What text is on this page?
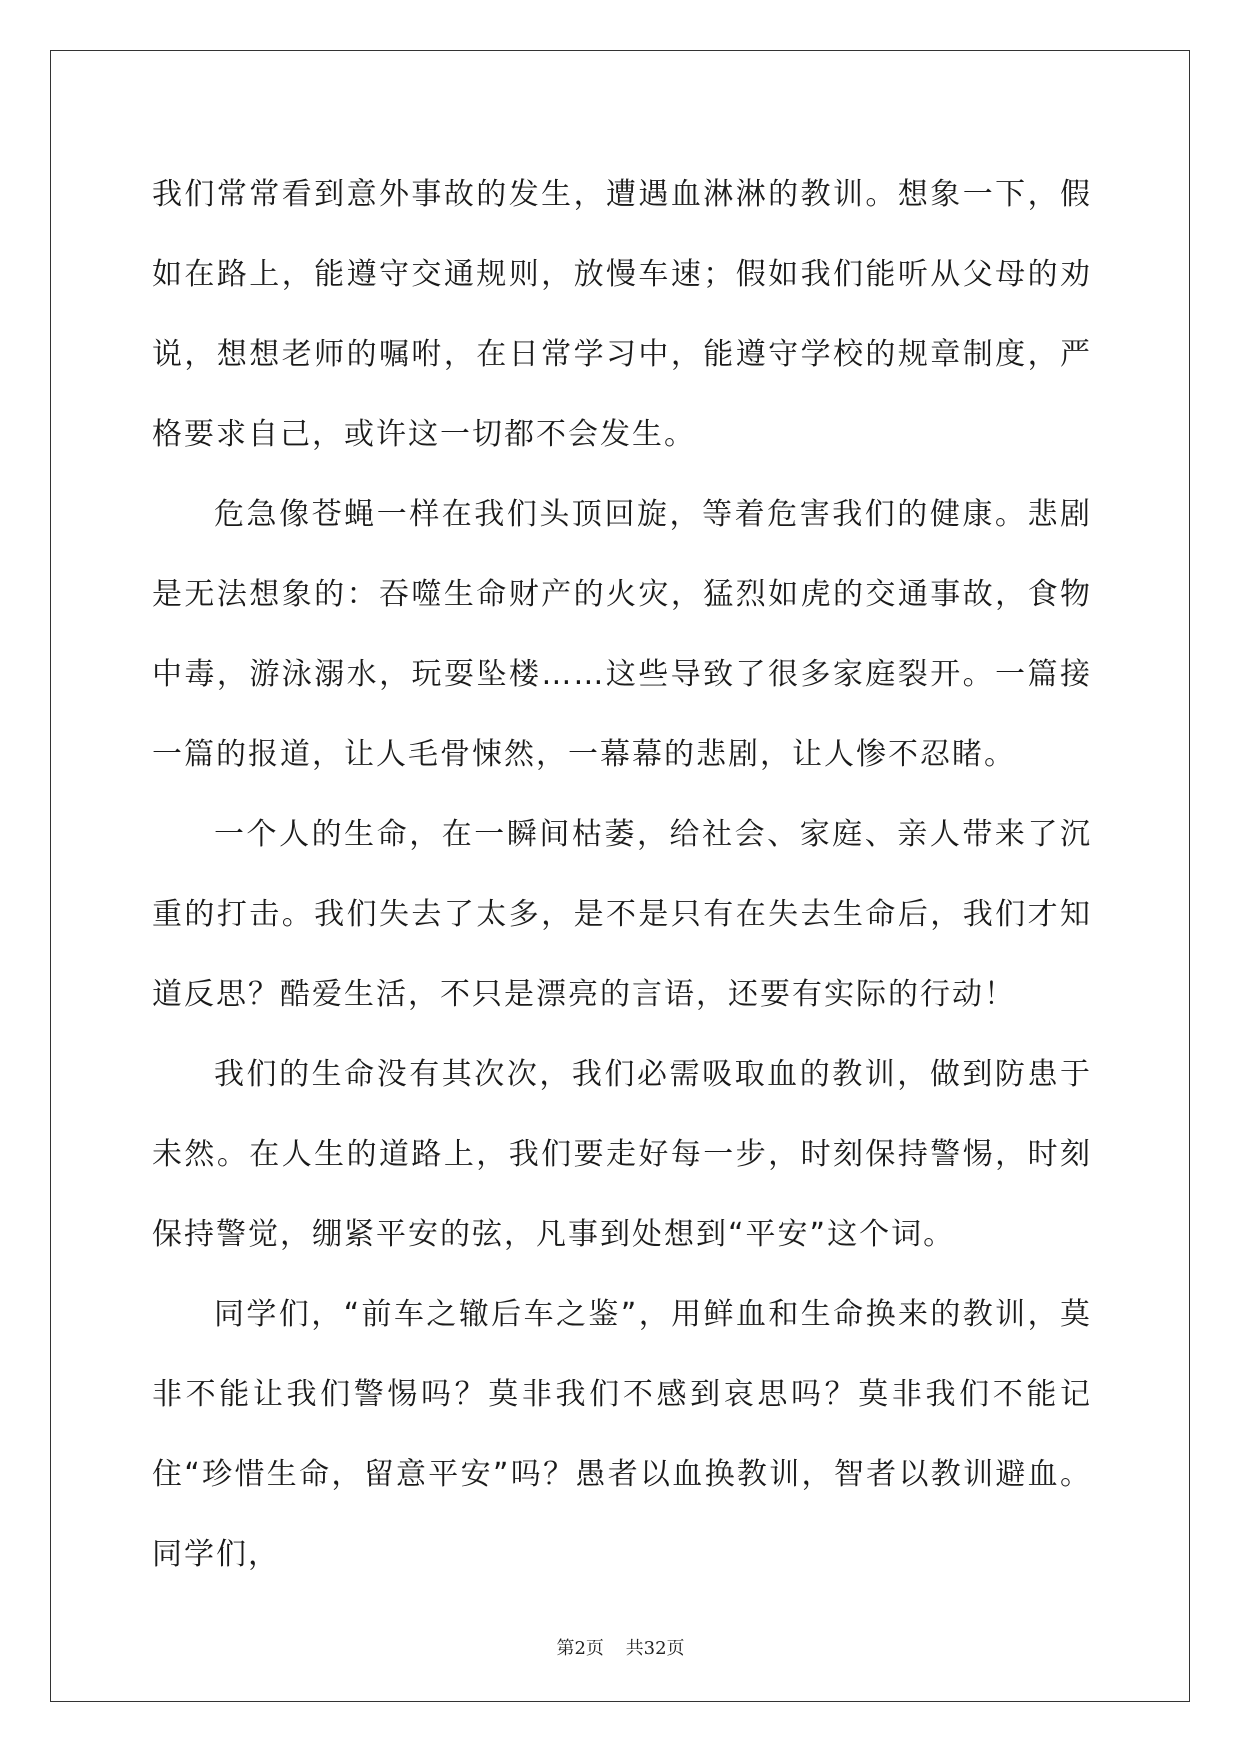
我们常常看到意外事故的发生，遭遇血淋淋的教训。想象一下，假如在路上，能遵守交通规则，放慢车速；假如我们能听从父母的劝说，想想老师的嘱咐，在日常学习中，能遵守学校的规章制度，严格要求自己，或许这一切都不会发生。

危急像苍蝇一样在我们头顶回旋，等着危害我们的健康。悲剧是无法想象的：吞噬生命财产的火灾，猛烈如虎的交通事故，食物中毒，游泳溺水，玩耍坠楼……这些导致了很多家庭裂开。一篇接一篇的报道，让人毛骨悚然，一幕幕的悲剧，让人惨不忍睹。

一个人的生命，在一瞬间枯萎，给社会、家庭、亲人带来了沉重的打击。我们失去了太多，是不是只有在失去生命后，我们才知道反思？酷爱生活，不只是漂亮的言语，还要有实际的行动！

我们的生命没有其次次，我们必需吸取血的教训，做到防患于未然。在人生的道路上，我们要走好每一步，时刻保持警惕，时刻保持警觉，绷紧平安的弦，凡事到处想到“平安”这个词。

同学们，“前车之辙后车之鉴”，用鲜血和生命换来的教训，莫非不能让我们警惕吗？莫非我们不感到哀思吗？莫非我们不能记住“珍惜生命，留意平安”吗？愚者以血换教训，智者以教训避血。同学们，

第2页 共32页
